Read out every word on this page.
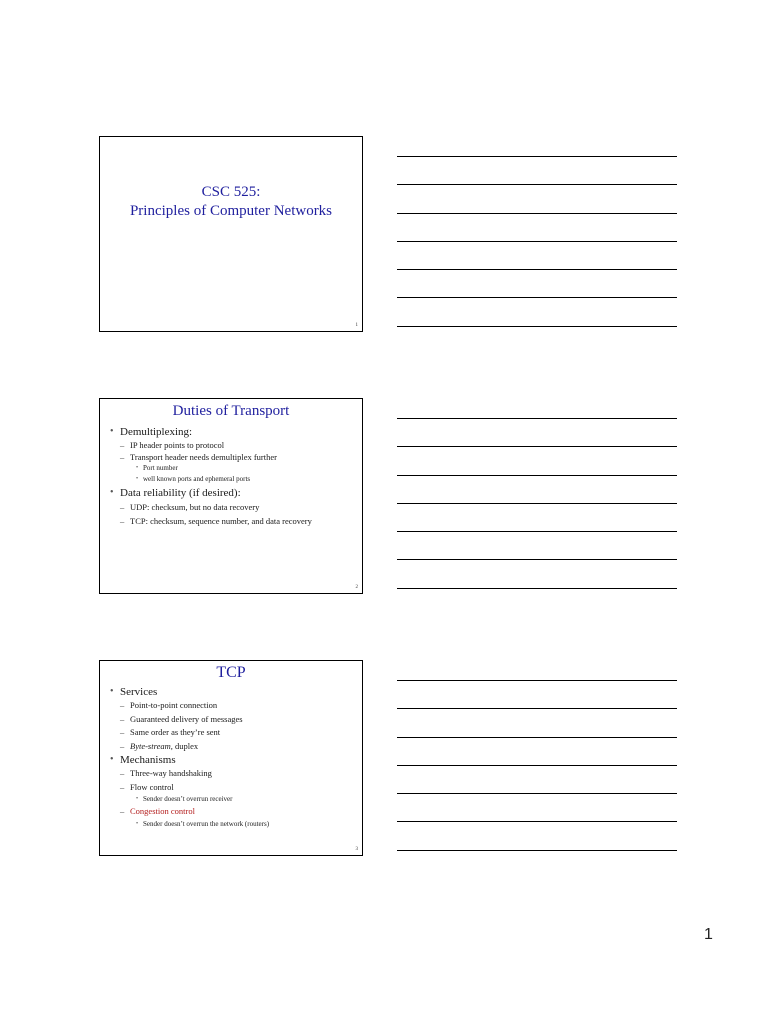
CSC 525:
Principles of Computer Networks
1
Duties of Transport
• Demultiplexing:
– IP header points to protocol
– Transport header needs demultiplex further
• Port number
• well known ports and ephemeral ports
• Data reliability (if desired):
– UDP: checksum, but no data recovery
– TCP: checksum, sequence number, and data recovery
2
TCP
• Services
– Point-to-point connection
– Guaranteed delivery of messages
– Same order as they’re sent
– Byte-stream, duplex
• Mechanisms
– Three-way handshaking
– Flow control
• Sender doesn’t overrun receiver
– Congestion control
• Sender doesn’t overrun the network (routers)
3
1
